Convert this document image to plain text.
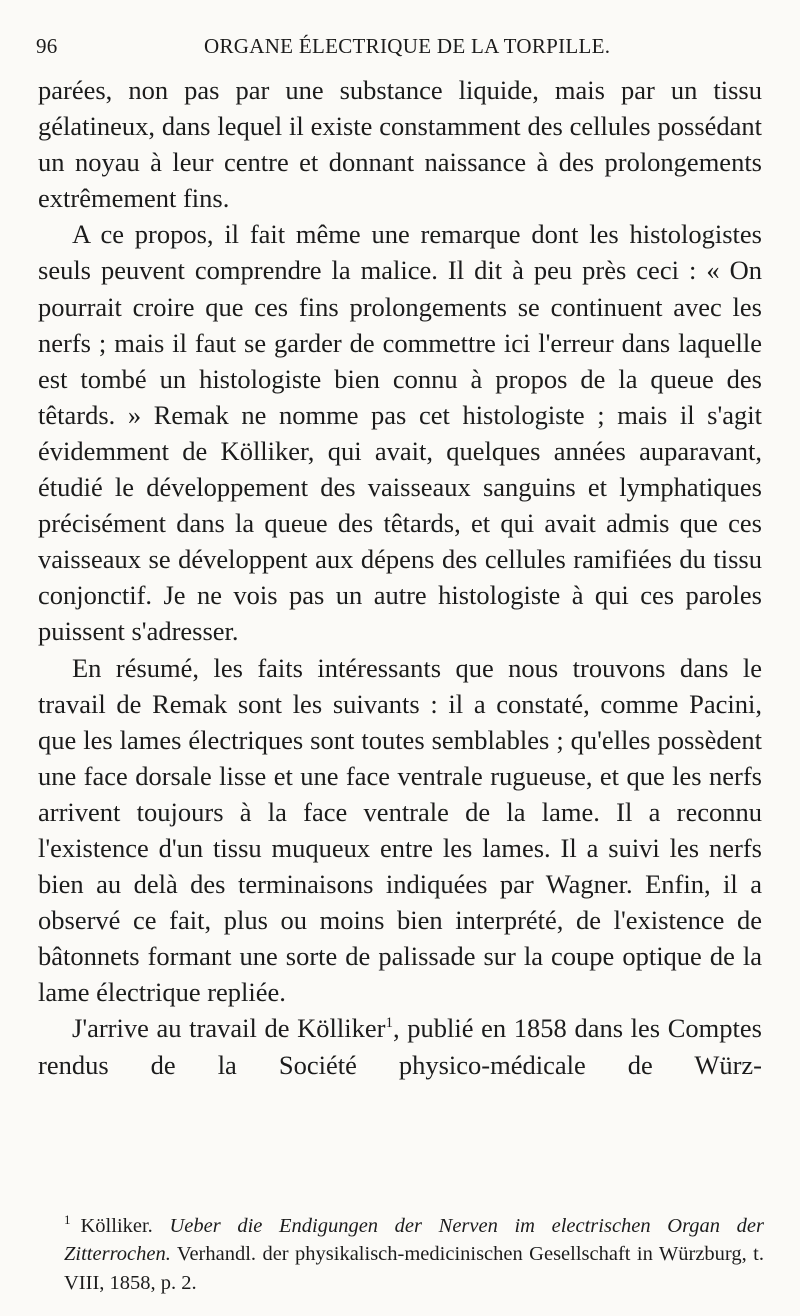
96	ORGANE ÉLECTRIQUE DE LA TORPILLE.

parées, non pas par une substance liquide, mais par un tissu gélatineux, dans lequel il existe constamment des cellules possédant un noyau à leur centre et donnant naissance à des prolongements extrêmement fins.

A ce propos, il fait même une remarque dont les histologistes seuls peuvent comprendre la malice. Il dit à peu près ceci : « On pourrait croire que ces fins prolongements se continuent avec les nerfs ; mais il faut se garder de commettre ici l'erreur dans laquelle est tombé un histologiste bien connu à propos de la queue des têtards. » Remak ne nomme pas cet histologiste ; mais il s'agit évidemment de Kölliker, qui avait, quelques années auparavant, étudié le développement des vaisseaux sanguins et lymphatiques précisément dans la queue des têtards, et qui avait admis que ces vaisseaux se développent aux dépens des cellules ramifiées du tissu conjonctif. Je ne vois pas un autre histologiste à qui ces paroles puissent s'adresser.

En résumé, les faits intéressants que nous trouvons dans le travail de Remak sont les suivants : il a constaté, comme Pacini, que les lames électriques sont toutes semblables ; qu'elles possèdent une face dorsale lisse et une face ventrale rugueuse, et que les nerfs arrivent toujours à la face ventrale de la lame. Il a reconnu l'existence d'un tissu muqueux entre les lames. Il a suivi les nerfs bien au delà des terminaisons indiquées par Wagner. Enfin, il a observé ce fait, plus ou moins bien interprété, de l'existence de bâtonnets formant une sorte de palissade sur la coupe optique de la lame électrique repliée.

J'arrive au travail de Kölliker$^1$, publié en 1858 dans les Comptes rendus de la Société physico-médicale de Würz-

$^1$ Kölliker. Ueber die Endigungen der Nerven im electrischen Organ der Zitterrochen. Verhandl. der physikalisch-medicinischen Gesellschaft in Würzburg, t. VIII, 1858, p. 2.
